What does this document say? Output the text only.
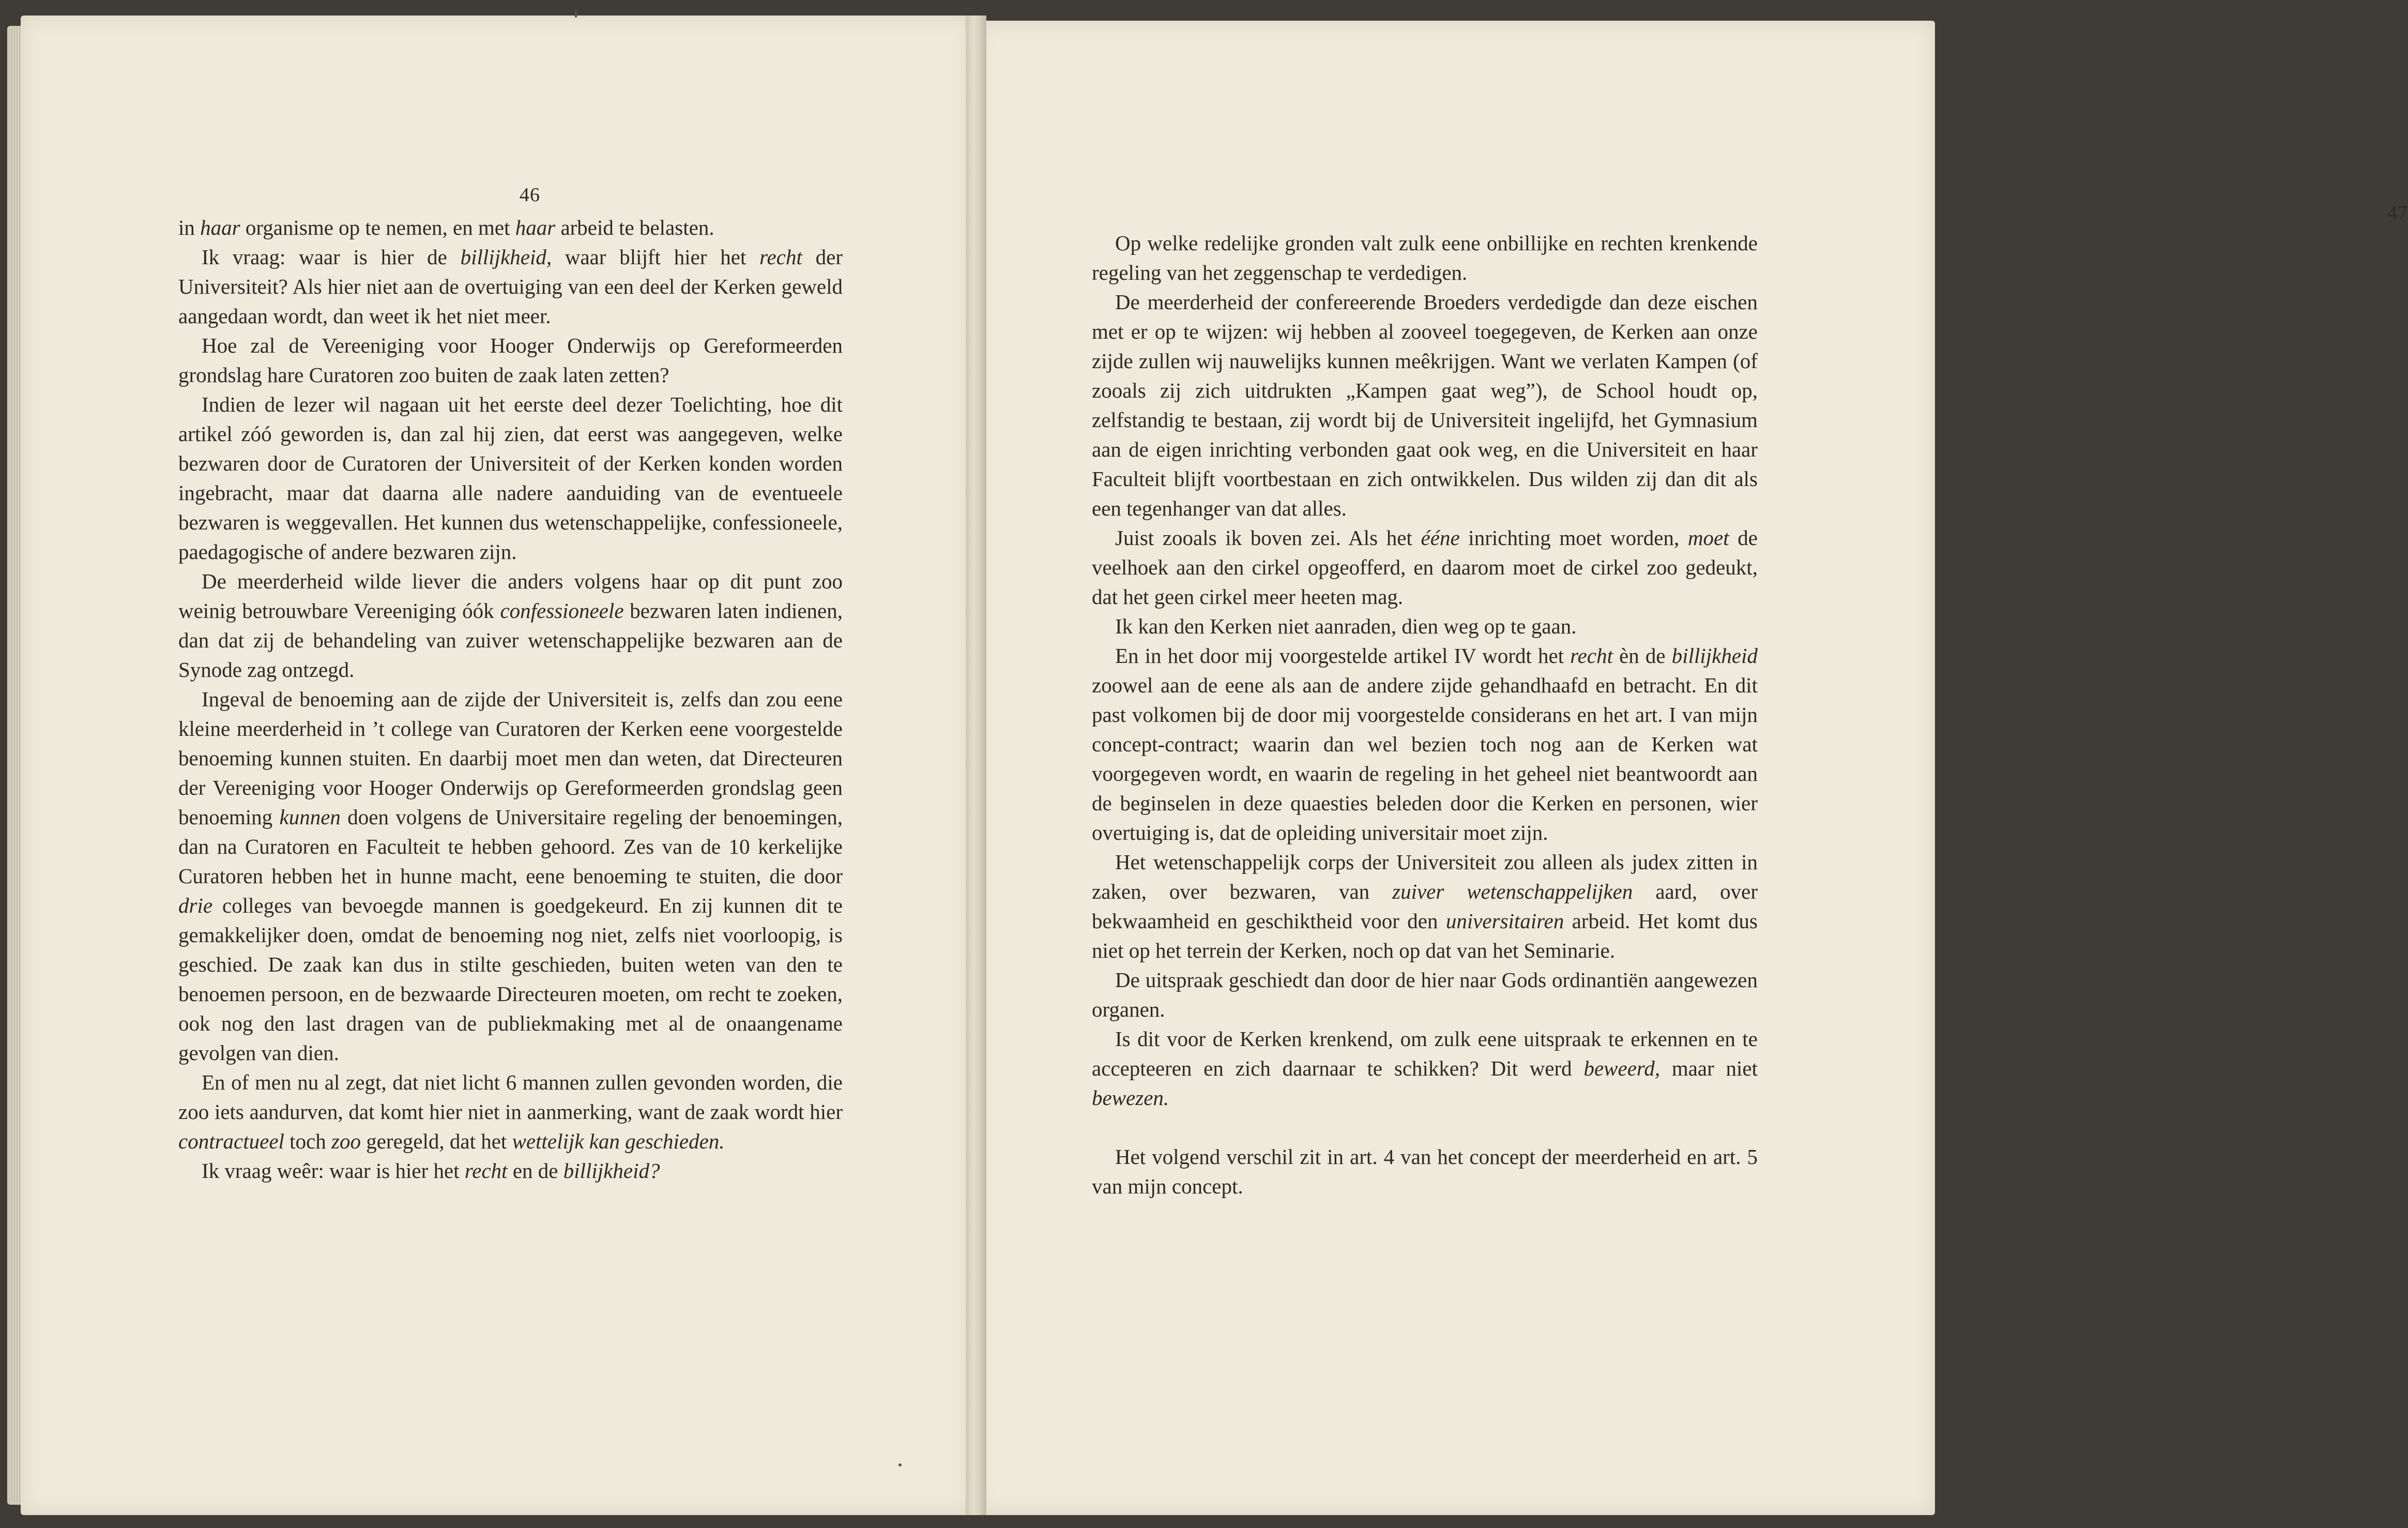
46
47

in haar organisme op te nemen, en met haar arbeid te belasten.

Ik vraag: waar is hier de billijkheid, waar blijft hier het recht der Universiteit? Als hier niet aan de overtuiging van een deel der Kerken geweld aangedaan wordt, dan weet ik het niet meer.

Hoe zal de Vereeniging voor Hooger Onderwijs op Gereformeerden grondslag hare Curatoren zoo buiten de zaak laten zetten?

Indien de lezer wil nagaan uit het eerste deel dezer Toelichting, hoe dit artikel zóó geworden is, dan zal hij zien, dat eerst was aangegeven, welke bezwaren door de Curatoren der Universiteit of der Kerken konden worden ingebracht, maar dat daarna alle nadere aanduiding van de eventueele bezwaren is weggevallen. Het kunnen dus wetenschappelijke, confessioneele, paedagogische of andere bezwaren zijn.

De meerderheid wilde liever die anders volgens haar op dit punt zoo weinig betrouwbare Vereeniging óók confessioneele bezwaren laten indienen, dan dat zij de behandeling van zuiver wetenschappelijke bezwaren aan de Synode zag ontzegd.

Ingeval de benoeming aan de zijde der Universiteit is, zelfs dan zou eene kleine meerderheid in ’t college van Curatoren der Kerken eene voorgestelde benoeming kunnen stuiten. En daarbij moet men dan weten, dat Directeuren der Vereeniging voor Hooger Onderwijs op Gereformeerden grondslag geen benoeming kunnen doen volgens de Universitaire regeling der benoemingen, dan na Curatoren en Faculteit te hebben gehoord. Zes van de 10 kerkelijke Curatoren hebben het in hunne macht, eene benoeming te stuiten, die door drie colleges van bevoegde mannen is goedgekeurd. En zij kunnen dit te gemakkelijker doen, omdat de benoeming nog niet, zelfs niet voorloopig, is geschied. De zaak kan dus in stilte geschieden, buiten weten van den te benoemen persoon, en de bezwaarde Directeuren moeten, om recht te zoeken, ook nog den last dragen van de publiekmaking met al de onaangename gevolgen van dien.

En of men nu al zegt, dat niet licht 6 mannen zullen gevonden worden, die zoo iets aandurven, dat komt hier niet in aanmerking, want de zaak wordt hier contractueel toch zoo geregeld, dat het wettelijk kan geschieden.

Ik vraag weêr: waar is hier het recht en de billijkheid?

Op welke redelijke gronden valt zulk eene onbillijke en rechten krenkende regeling van het zeggenschap te verdedigen.

De meerderheid der confereerende Broeders verdedigde dan deze eischen met er op te wijzen: wij hebben al zooveel toegegeven, de Kerken aan onze zijde zullen wij nauwelijks kunnen meêkrijgen. Want we verlaten Kampen (of zooals zij zich uitdrukten „Kampen gaat weg”), de School houdt op, zelfstandig te bestaan, zij wordt bij de Universiteit ingelijfd, het Gymnasium aan de eigen inrichting verbonden gaat ook weg, en die Universiteit en haar Faculteit blijft voortbestaan en zich ontwikkelen. Dus wilden zij dan dit als een tegenhanger van dat alles.

Juist zooals ik boven zei. Als het ééne inrichting moet worden, moet de veelhoek aan den cirkel opgeofferd, en daarom moet de cirkel zoo gedeukt, dat het geen cirkel meer heeten mag.

Ik kan den Kerken niet aanraden, dien weg op te gaan.

En in het door mij voorgestelde artikel IV wordt het recht èn de billijkheid zoowel aan de eene als aan de andere zijde gehandhaafd en betracht. En dit past volkomen bij de door mij voorgestelde considerans en het art. I van mijn concept-contract; waarin dan wel bezien toch nog aan de Kerken wat voorgegeven wordt, en waarin de regeling in het geheel niet beantwoordt aan de beginselen in deze quaesties beleden door die Kerken en personen, wier overtuiging is, dat de opleiding universitair moet zijn.

Het wetenschappelijk corps der Universiteit zou alleen als judex zitten in zaken, over bezwaren, van zuiver wetenschappelijken aard, over bekwaamheid en geschiktheid voor den universitairen arbeid. Het komt dus niet op het terrein der Kerken, noch op dat van het Seminarie.

De uitspraak geschiedt dan door de hier naar Gods ordinantiën aangewezen organen.

Is dit voor de Kerken krenkend, om zulk eene uitspraak te erkennen en te accepteeren en zich daarnaar te schikken? Dit werd beweerd, maar niet bewezen.

Het volgend verschil zit in art. 4 van het concept der meerderheid en art. 5 van mijn concept.
